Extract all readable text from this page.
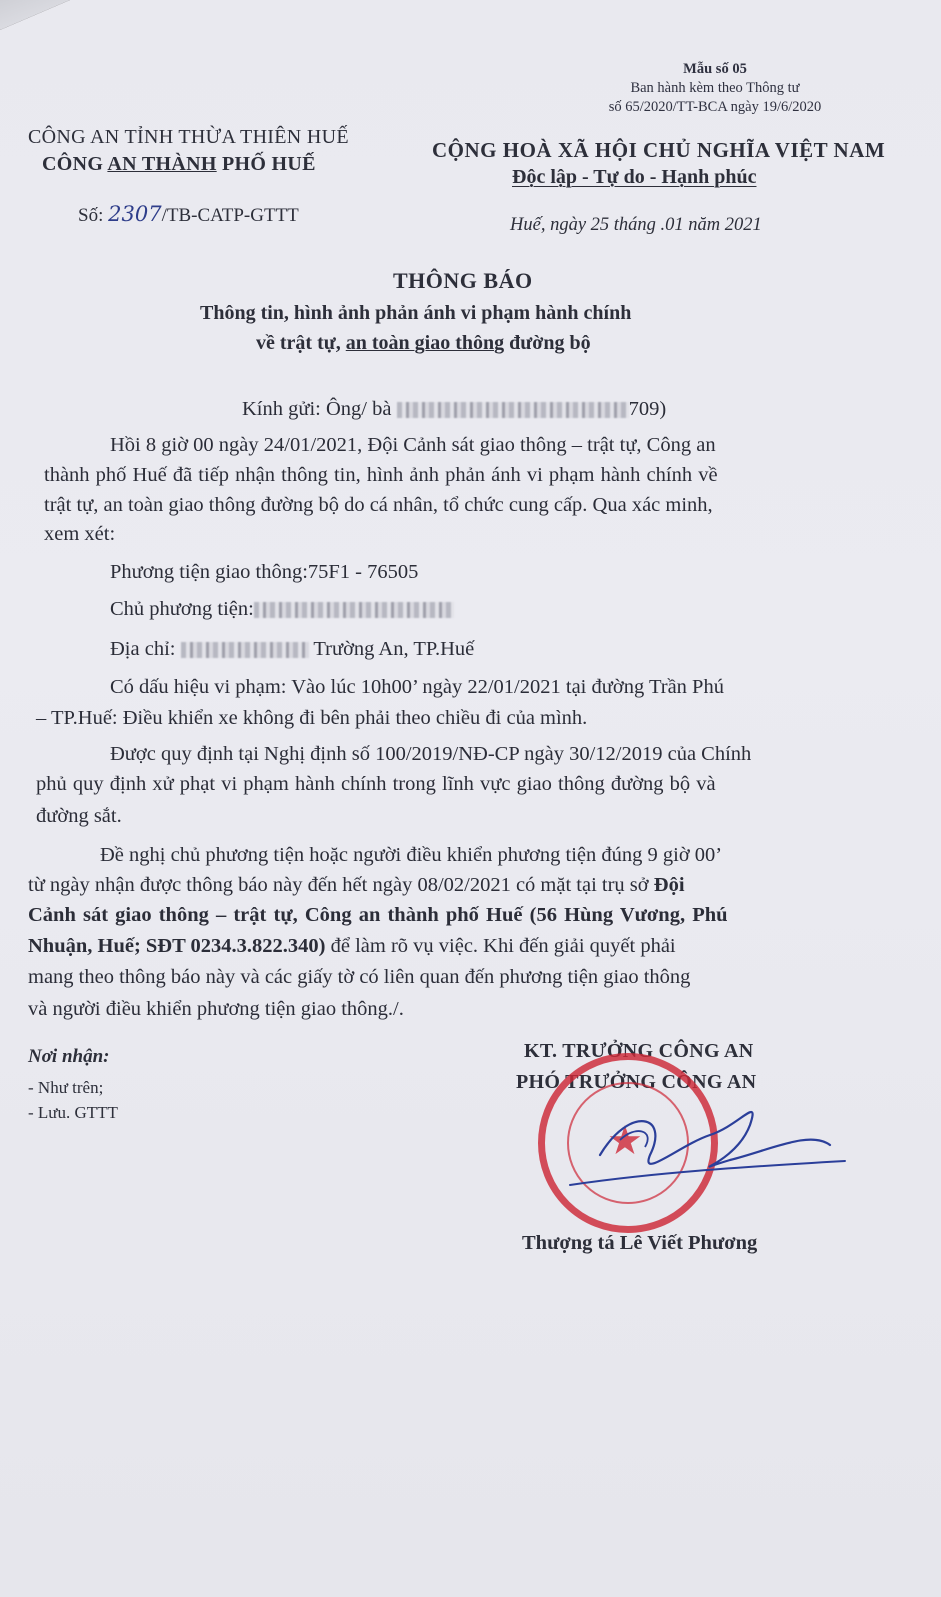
Mẫu số 05
Ban hành kèm theo Thông tư
số 65/2020/TT-BCA ngày 19/6/2020
CÔNG AN TỈNH THỪA THIÊN HUẾ
CÔNG AN THÀNH PHỐ HUẾ
Số: 2307/TB-CATP-GTTT
CỘNG HOÀ XÃ HỘI CHỦ NGHĨA VIỆT NAM
Độc lập - Tự do - Hạnh phúc
Huế, ngày 25 tháng .01 năm 2021
THÔNG BÁO
Thông tin, hình ảnh phản ánh vi phạm hành chính
về trật tự, an toàn giao thông đường bộ
Kính gửi: Ông/ bà	709)
Hồi 8 giờ 00 ngày 24/01/2021, Đội Cảnh sát giao thông – trật tự, Công an
thành phố Huế đã tiếp nhận thông tin, hình ảnh phản ánh vi phạm hành chính về
trật tự, an toàn giao thông đường bộ do cá nhân, tổ chức cung cấp. Qua xác minh,
xem xét:
Phương tiện giao thông:75F1 - 76505
Chủ phương tiện:
Địa chỉ:	Trường An, TP.Huế
Có dấu hiệu vi phạm: Vào lúc 10h00’ ngày 22/01/2021 tại đường Trần Phú
– TP.Huế: Điều khiển xe không đi bên phải theo chiều đi của mình.
Được quy định tại Nghị định số 100/2019/NĐ-CP ngày 30/12/2019 của Chính
phủ quy định xử phạt vi phạm hành chính trong lĩnh vực giao thông đường bộ và
đường sắt.
Đề nghị chủ phương tiện hoặc người điều khiển phương tiện đúng 9 giờ 00’
từ ngày nhận được thông báo này đến hết ngày 08/02/2021 có mặt tại trụ sở Đội
Cảnh sát giao thông – trật tự, Công an thành phố Huế (56 Hùng Vương, Phú
Nhuận, Huế; SĐT 0234.3.822.340) để làm rõ vụ việc. Khi đến giải quyết phải
mang theo thông báo này và các giấy tờ có liên quan đến phương tiện giao thông
và người điều khiển phương tiện giao thông./.
Nơi nhận:
- Như trên;
- Lưu. GTTT
KT. TRƯỞNG CÔNG AN
PHÓ TRƯỞNG CÔNG AN
★
Thượng tá Lê Viết Phương
